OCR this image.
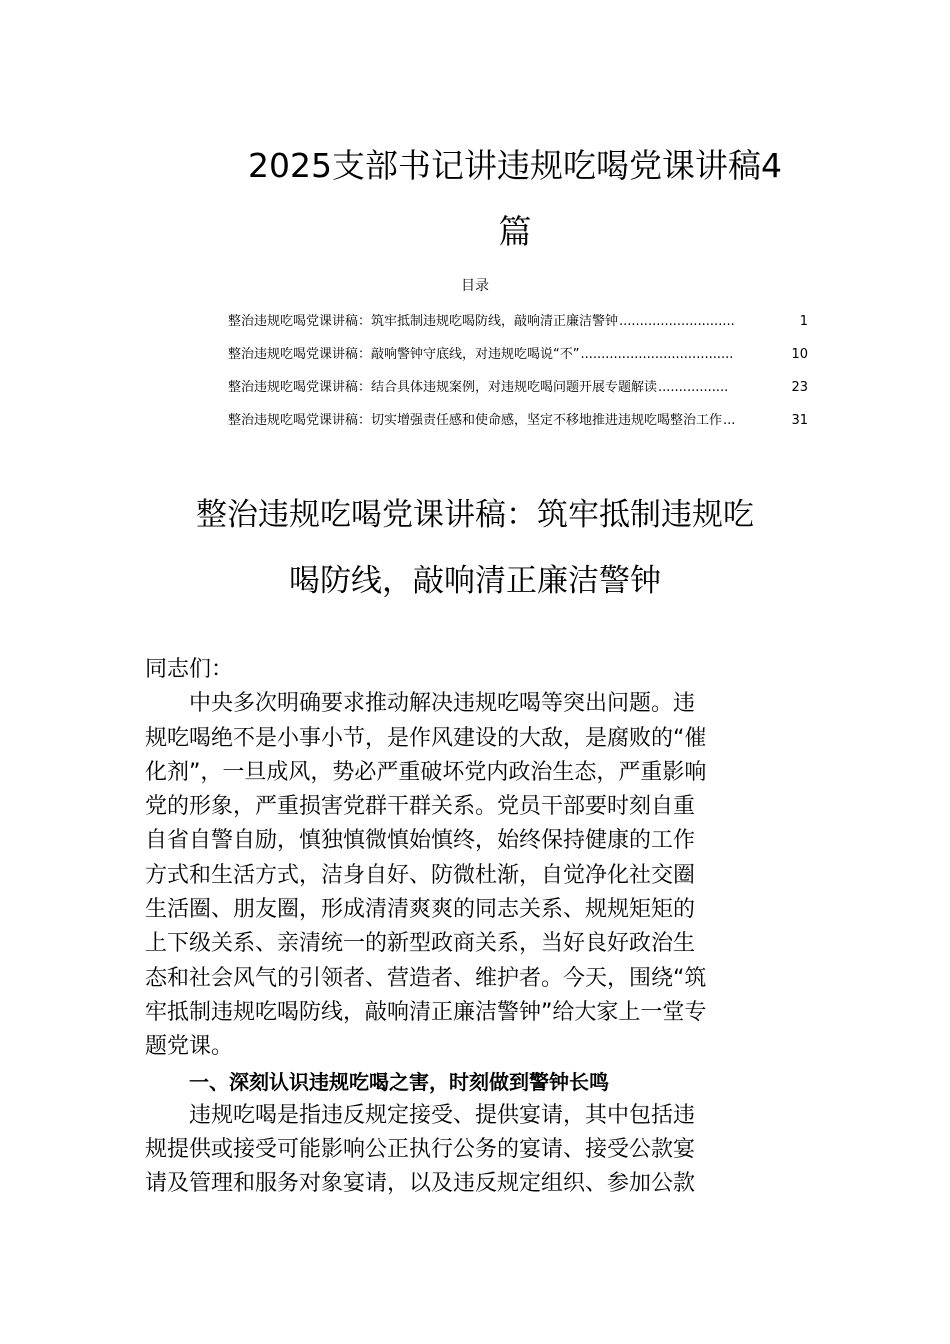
2025支部书记讲违规吃喝党课讲稿4
篇
目录
整治违规吃喝党课讲稿：筑牢抵制违规吃喝防线，敲响清正廉洁警钟 ............................	1
整治违规吃喝党课讲稿：敲响警钟守底线，对违规吃喝说“不” .....................................	10
整治违规吃喝党课讲稿：结合具体违规案例，对违规吃喝问题开展专题解读 .................	23
整治违规吃喝党课讲稿：切实增强责任感和使命感，坚定不移地推进违规吃喝整治工作 ...	31
整治违规吃喝党课讲稿：筑牢抵制违规吃
喝防线，敲响清正廉洁警钟

同志们：

中央多次明确要求推动解决违规吃喝等突出问题。违
规吃喝绝不是小事小节，是作风建设的大敌，是腐败的“催
化剂”，一旦成风，势必严重破坏党内政治生态，严重影响
党的形象，严重损害党群干群关系。党员干部要时刻自重
自省自警自励，慎独慎微慎始慎终，始终保持健康的工作
方式和生活方式，洁身自好、防微杜渐，自觉净化社交圈
生活圈、朋友圈，形成清清爽爽的同志关系、规规矩矩的
上下级关系、亲清统一的新型政商关系，当好良好政治生
态和社会风气的引领者、营造者、维护者。今天，围绕“筑
牢抵制违规吃喝防线，敲响清正廉洁警钟”给大家上一堂专
题党课。

一、深刻认识违规吃喝之害，时刻做到警钟长鸣

违规吃喝是指违反规定接受、提供宴请，其中包括违
规提供或接受可能影响公正执行公务的宴请、接受公款宴
请及管理和服务对象宴请，以及违反规定组织、参加公款
